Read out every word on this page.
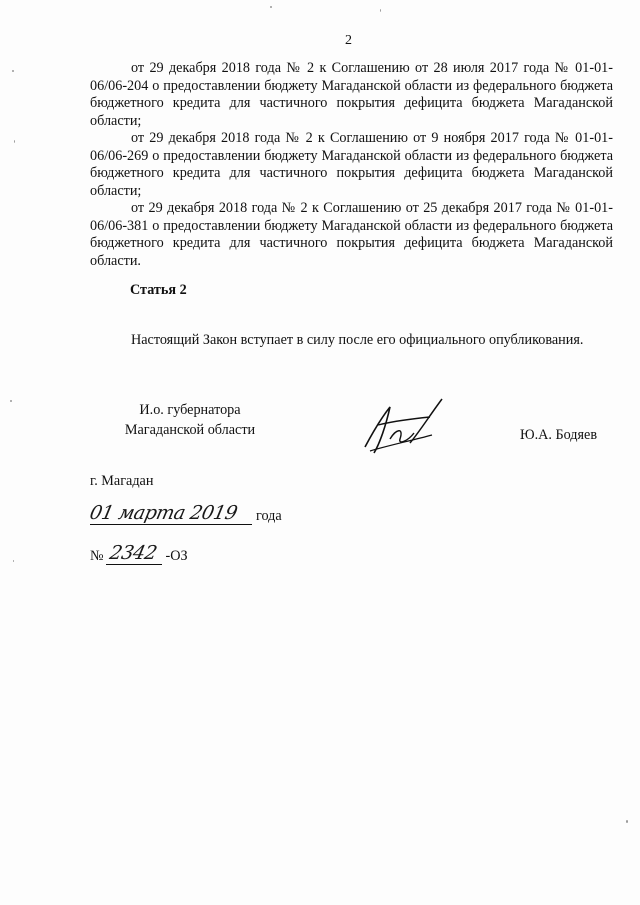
2

от 29 декабря 2018 года № 2 к Соглашению от 28 июля 2017 года № 01-01-06/06-204 о предоставлении бюджету Магаданской области из федерального бюджета бюджетного кредита для частичного покрытия дефицита бюджета Магаданской области;

от 29 декабря 2018 года № 2 к Соглашению от 9 ноября 2017 года № 01-01-06/06-269 о предоставлении бюджету Магаданской области из федерального бюджета бюджетного кредита для частичного покрытия дефицита бюджета Магаданской области;

от 29 декабря 2018 года № 2 к Соглашению от 25 декабря 2017 года № 01-01-06/06-381 о предоставлении бюджету Магаданской области из федерального бюджета бюджетного кредита для частичного покрытия дефицита бюджета Магаданской области.

Статья 2

Настоящий Закон вступает в силу после его официального опубликования.

И.о. губернатора
Магаданской области	Ю.А. Бодяев
г. Магадан
01 марта 2019	года
№ 2342 -ОЗ
